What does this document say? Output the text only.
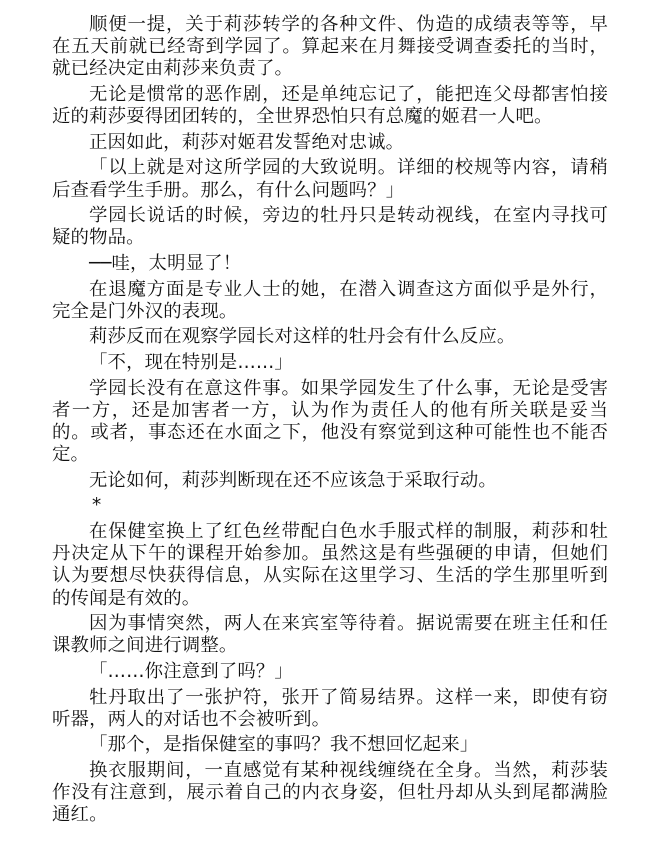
顺便一提，关于莉莎转学的各种文件、伪造的成绩表等等，早在五天前就已经寄到学园了。算起来在月舞接受调查委托的当时，就已经决定由莉莎来负责了。

无论是惯常的恶作剧，还是单纯忘记了，能把连父母都害怕接近的莉莎耍得团团转的，全世界恐怕只有总魔的姬君一人吧。

正因如此，莉莎对姬君发誓绝对忠诚。

「以上就是对这所学园的大致说明。详细的校规等内容，请稍后查看学生手册。那么，有什么问题吗？」

学园长说话的时候，旁边的牡丹只是转动视线，在室内寻找可疑的物品。

──哇，太明显了！

在退魔方面是专业人士的她，在潜入调查这方面似乎是外行，完全是门外汉的表现。

莉莎反而在观察学园长对这样的牡丹会有什么反应。

「不，现在特别是……」

学园长没有在意这件事。如果学园发生了什么事，无论是受害者一方，还是加害者一方，认为作为责任人的他有所关联是妥当的。或者，事态还在水面之下，他没有察觉到这种可能性也不能否定。

无论如何，莉莎判断现在还不应该急于采取行动。

*

在保健室换上了红色丝带配白色水手服式样的制服，莉莎和牡丹决定从下午的课程开始参加。虽然这是有些强硬的申请，但她们认为要想尽快获得信息，从实际在这里学习、生活的学生那里听到的传闻是有效的。

因为事情突然，两人在来宾室等待着。据说需要在班主任和任课教师之间进行调整。

「……你注意到了吗？」

牡丹取出了一张护符，张开了简易结界。这样一来，即使有窃听器，两人的对话也不会被听到。

「那个，是指保健室的事吗？我不想回忆起来」

换衣服期间，一直感觉有某种视线缠绕在全身。当然，莉莎装作没有注意到，展示着自己的内衣身姿，但牡丹却从头到尾都满脸通红。
